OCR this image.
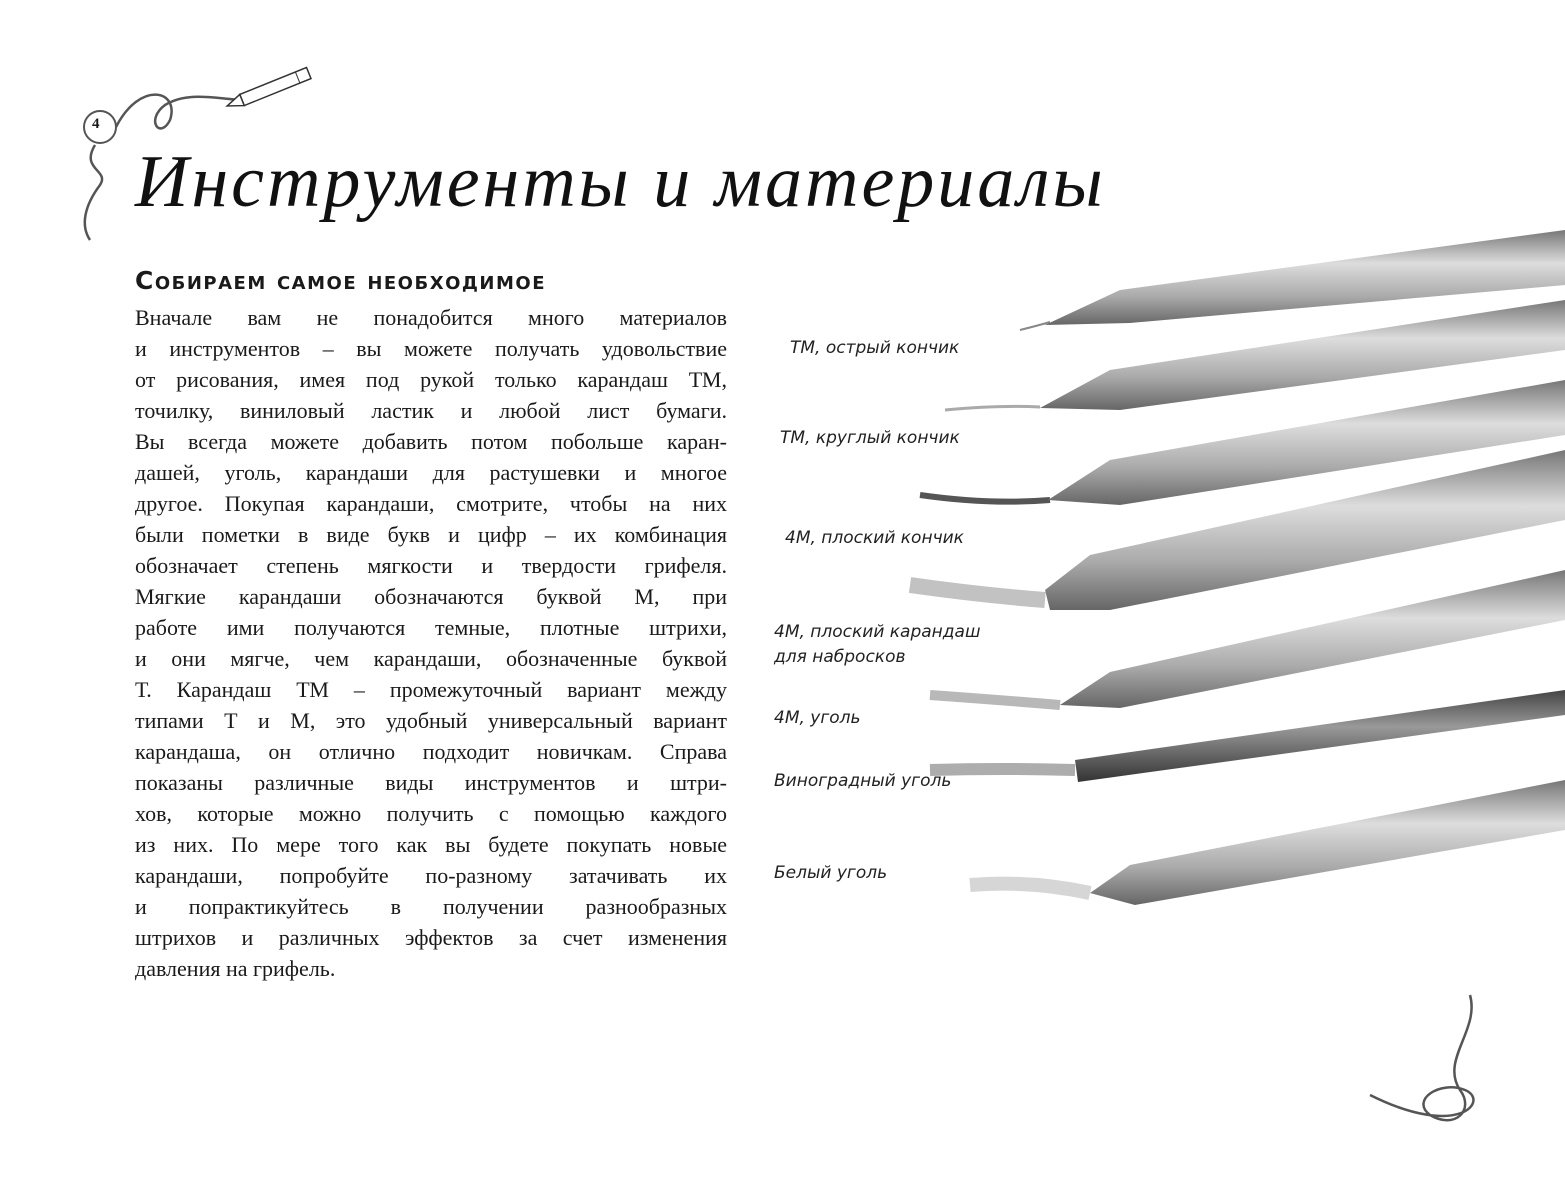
4
Инструменты и материалы
Собираем самое необходимое
Вначале вам не понадобится много материалов
и инструментов – вы можете получать удовольствие
от рисования, имея под рукой только карандаш ТМ,
точилку, виниловый ластик и любой лист бумаги.
Вы всегда можете добавить потом побольше каран-
дашей, уголь, карандаши для растушевки и многое
другое. Покупая карандаши, смотрите, чтобы на них
были пометки в виде букв и цифр – их комбинация
обозначает степень мягкости и твердости грифеля.
Мягкие карандаши обозначаются буквой М, при
работе ими получаются темные, плотные штрихи,
и они мягче, чем карандаши, обозначенные буквой
Т. Карандаш ТМ – промежуточный вариант между
типами Т и М, это удобный универсальный вариант
карандаша, он отлично подходит новичкам. Справа
показаны различные виды инструментов и штри-
хов, которые можно получить с помощью каждого
из них. По мере того как вы будете покупать новые
карандаши, попробуйте по-разному затачивать их
и попрактикуйтесь в получении разнообразных
штрихов и различных эффектов за счет изменения
давления на грифель.
ТМ, острый кончик
ТМ, круглый кончик
4М, плоский кончик
4М, плоский карандаш
для набросков
4М, уголь
Виноградный уголь
Белый уголь
